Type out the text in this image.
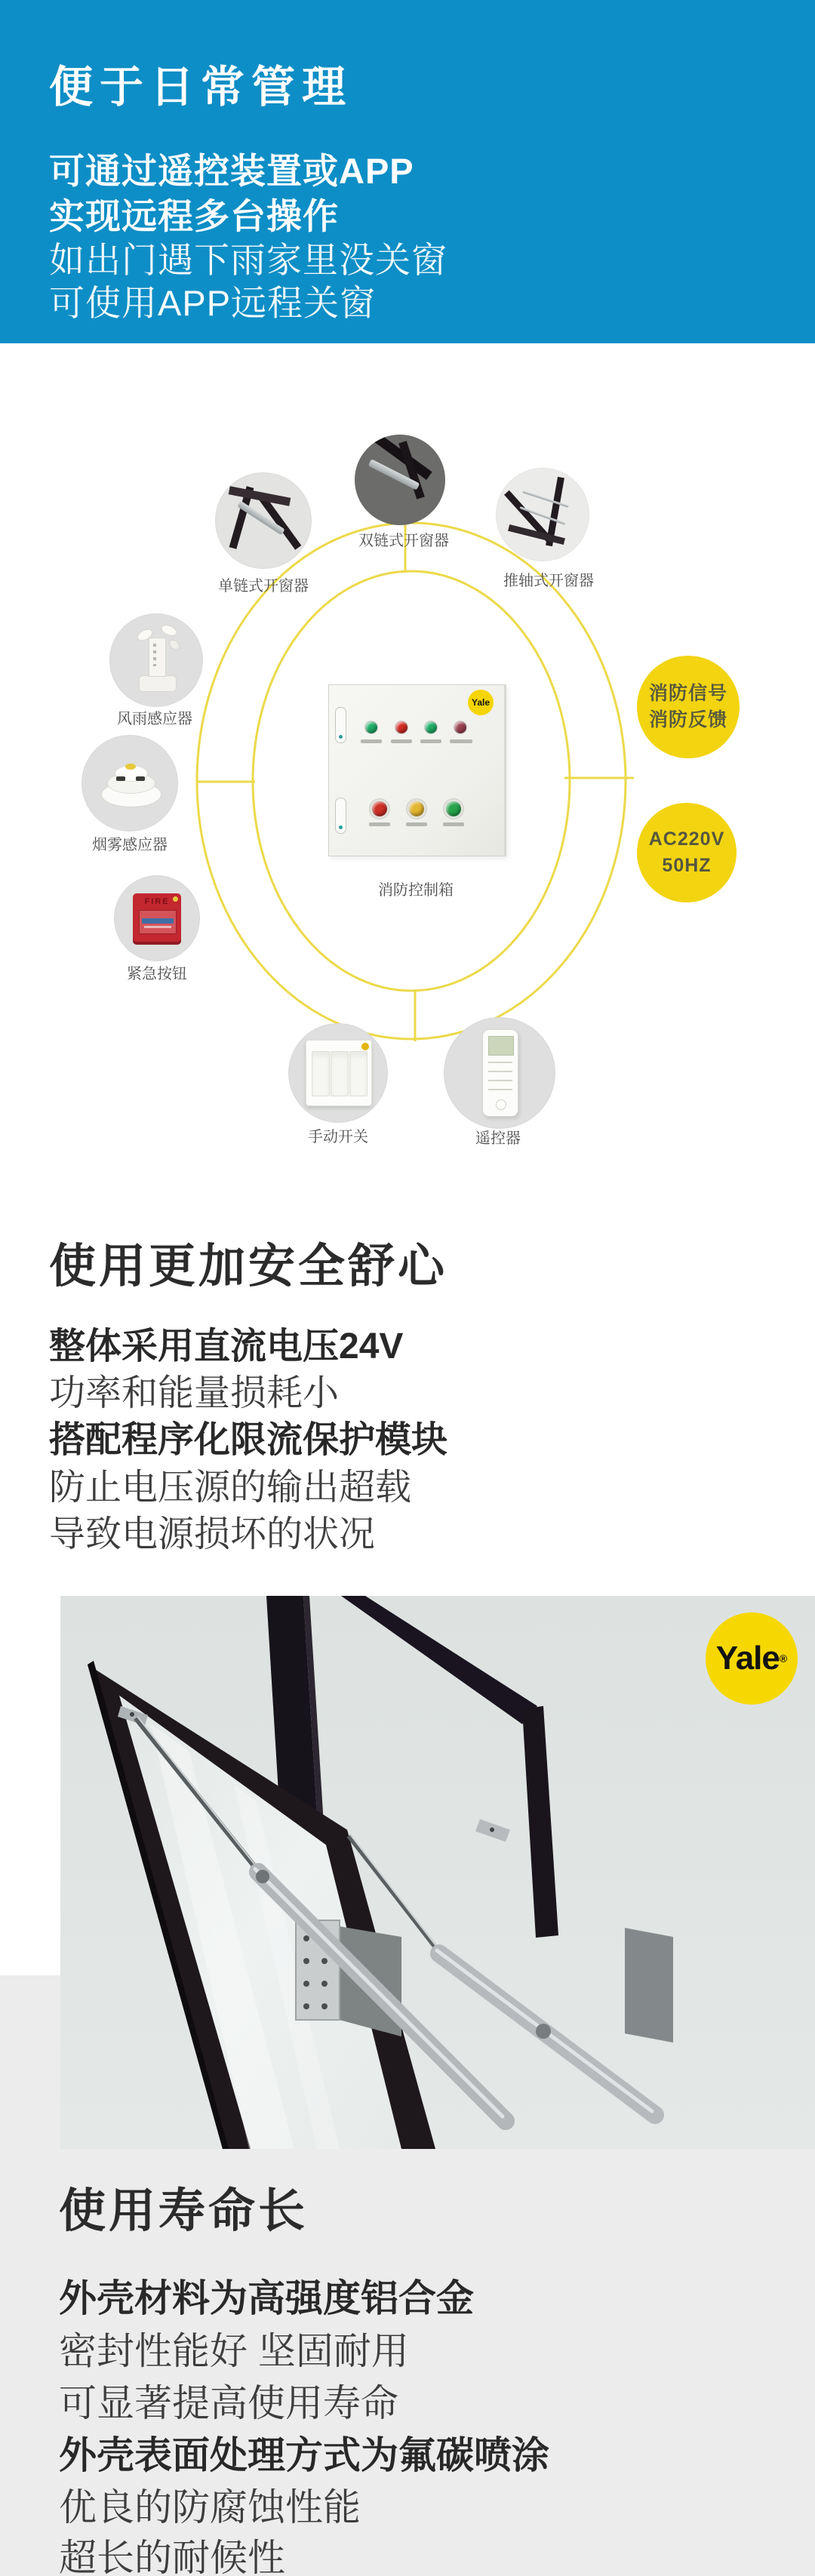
便于日常管理
可通过遥控装置或APP
实现远程多台操作
如出门遇下雨家里没关窗
可使用APP远程关窗
单链式开窗器
双链式开窗器
推轴式开窗器
风雨感应器
烟雾感应器
FIRE
紧急按钮
Yale
消防控制箱
消防信号
消防反馈
AC220V
50HZ
手动开关	遥控器
使用更加安全舒心
整体采用直流电压24V
功率和能量损耗小
搭配程序化限流保护模块
防止电压源的输出超载
导致电源损坏的状况
Yale ®
使用寿命长
外壳材料为高强度铝合金
密封性能好 坚固耐用
可显著提高使用寿命
外壳表面处理方式为氟碳喷涂
优良的防腐蚀性能
超长的耐候性
